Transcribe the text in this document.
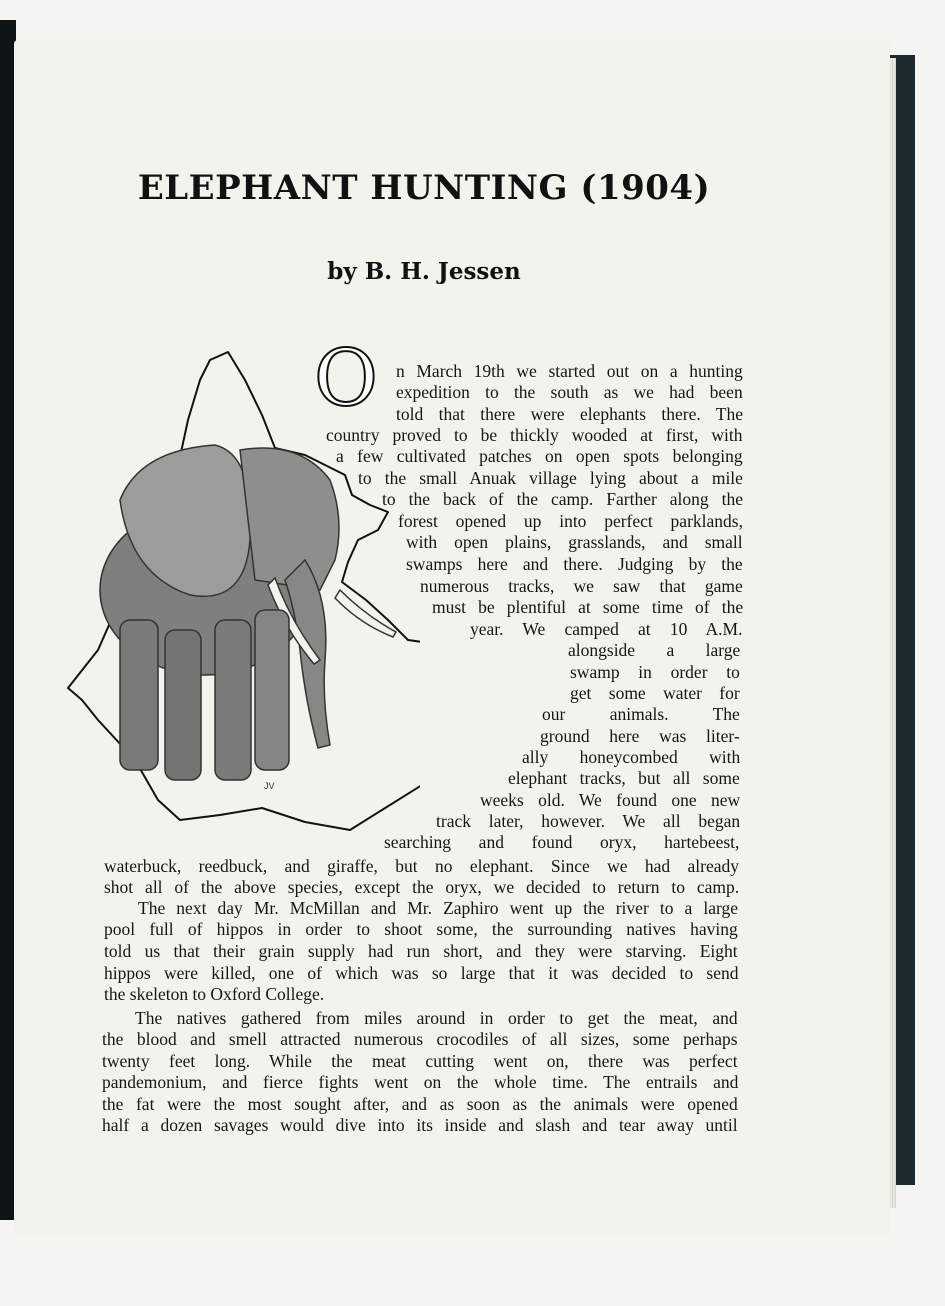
ELEPHANT HUNTING (1904)
by B. H. Jessen
JV
O n March 19th we started out on a hunting
expedition to the south as we had been
told that there were elephants there. The
country proved to be thickly wooded at first, with
a few cultivated patches on open spots belonging
to the small Anuak village lying about a mile
to the back of the camp. Farther along the
forest opened up into perfect parklands,
with open plains, grasslands, and small
swamps here and there. Judging by the
numerous tracks, we saw that game
must be plentiful at some time of the
year. We camped at 10 A.M.
alongside a large
swamp in order to
get some water for
our animals. The
ground here was liter-
ally honeycombed with
elephant tracks, but all some
weeks old. We found one new
track later, however. We all began
searching and found oryx, hartebeest,
waterbuck, reedbuck, and giraffe, but no elephant. Since we had already
shot all of the above species, except the oryx, we decided to return to camp.
The next day Mr. McMillan and Mr. Zaphiro went up the river to a large
pool full of hippos in order to shoot some, the surrounding natives having
told us that their grain supply had run short, and they were starving. Eight
hippos were killed, one of which was so large that it was decided to send
the skeleton to Oxford College.
The natives gathered from miles around in order to get the meat, and
the blood and smell attracted numerous crocodiles of all sizes, some perhaps
twenty feet long. While the meat cutting went on, there was perfect
pandemonium, and fierce fights went on the whole time. The entrails and
the fat were the most sought after, and as soon as the animals were opened
half a dozen savages would dive into its inside and slash and tear away until
